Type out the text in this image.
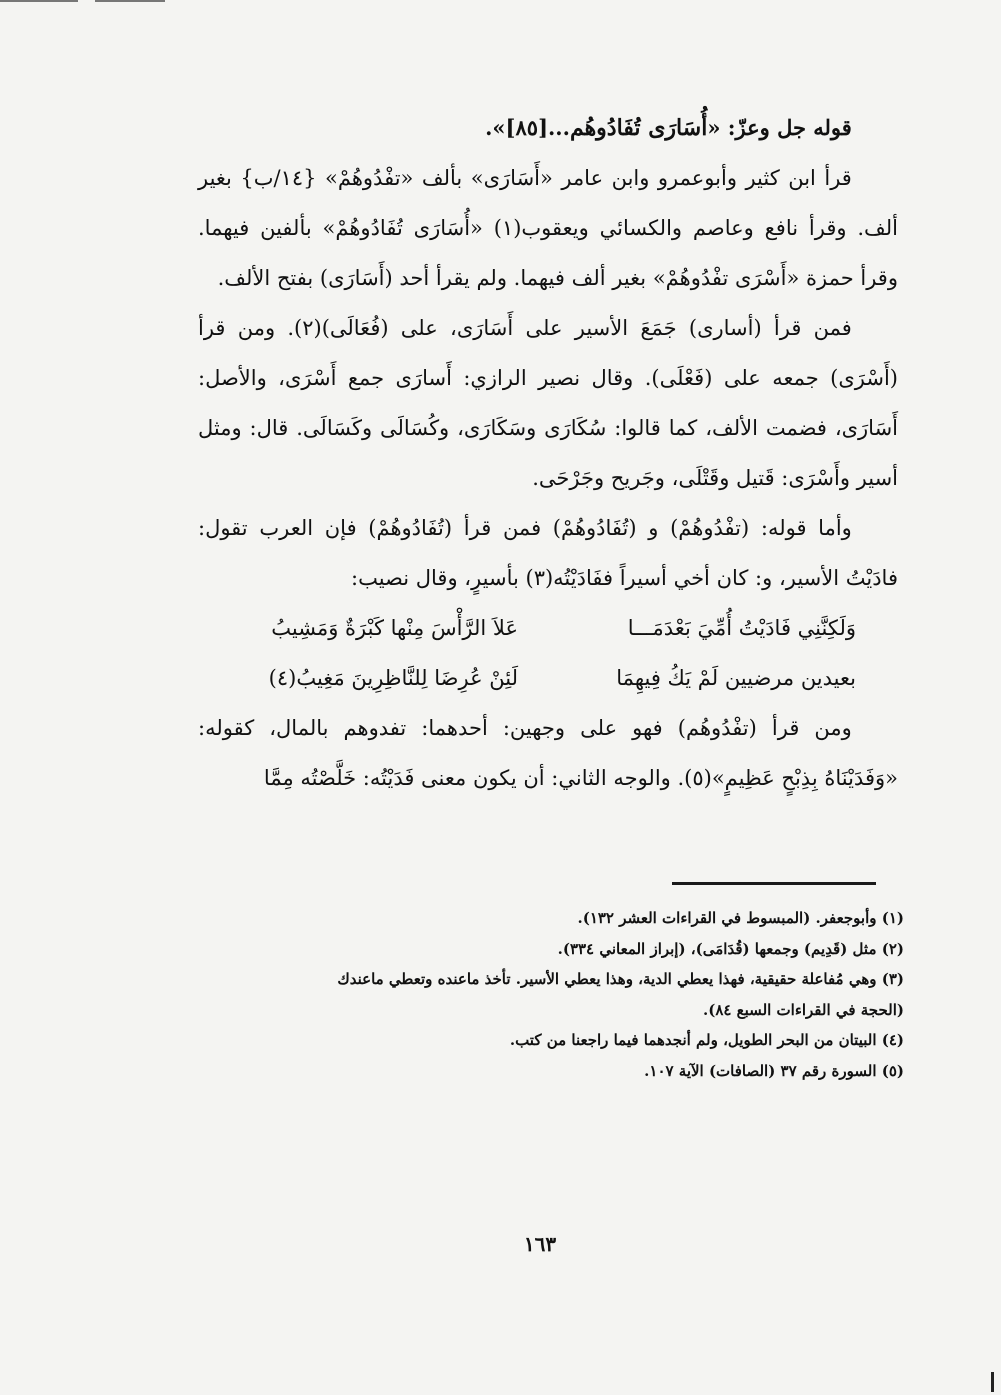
قوله جل وعزّ: «أُسَارَى تُفَادُوهُم...[٨٥]».

قرأ ابن كثير وأبوعمرو وابن عامر «أَسَارَى» بألف «تفْدُوهُمْ» {١٤/ب} بغير ألف. وقرأ نافع وعاصم والكسائي ويعقوب(١) «أُسَارَى تُفَادُوهُمْ» بألفين فيهما. وقرأ حمزة «أَسْرَى تفْدُوهُمْ» بغير ألف فيهما. ولم يقرأ أحد (أَسَارَى) بفتح الألف.

فمن قرأ (أساری) جَمَعَ الأسير على أَسَارَى، على (فُعَالَى)(٢). ومن قرأ (أَسْرَى) جمعه على (فَعْلَى). وقال نصير الرازي: أَسارَى جمع أَسْرَى، والأصل: أَسَارَى، فضمت الألف، كما قالوا: سُكَارَى وسَكَارَى، وكُسَالَى وكَسَالَى. قال: ومثل أسير وأَسْرَى: قَتيل وقَتْلَى، وجَريح وجَرْحَى.

وأما قوله: (تفْدُوهُمْ) و (تُفَادُوهُمْ) فمن قرأ (تُفَادُوهُمْ) فإن العرب تقول: فادَيْتُ الأسير، و: كان أخي أسيراً ففَادَيْتُه(٣) بأسيرٍ، وقال نصيب:

وَلَكِنَّنِي فَادَيْتُ أُمِّيَ بَعْدَمَـــا
عَلاَ الرَّأْسَ مِنْها كَبْرَةٌ وَمَشِيبُ
بعيدين مرضيين لَمْ يَكُ فِيهِمَا
لَئِنْ عُرِضَا لِلنَّاظِرِينَ مَغِيبُ(٤)

ومن قرأ (تفْدُوهُم) فهو على وجهين: أحدهما: تفدوهم بالمال، كقوله: «وَفَدَيْنَاهُ بِذِبْحٍ عَظِيمٍ»(٥). والوجه الثاني: أن يكون معنى فَدَيْتُه: خَلَّصْتُه مِمَّا

(١) وأبوجعفر. (المبسوط في القراءات العشر ١٣٢).

(٢) مثل (قَدِيم) وجمعها (قُدَامَى)، (إبراز المعاني ٣٣٤).

(٣) وهي مُفاعلة حقيقية، فهذا يعطي الدية، وهذا يعطي الأسير. تأخذ ماعنده وتعطي ماعندك

(الحجة في القراءات السبع ٨٤).

(٤) البيتان من البحر الطويل، ولم أنجدهما فيما راجعنا من كتب.

(٥) السورة رقم ٣٧ (الصافات) الآية ١٠٧.

١٦٣
